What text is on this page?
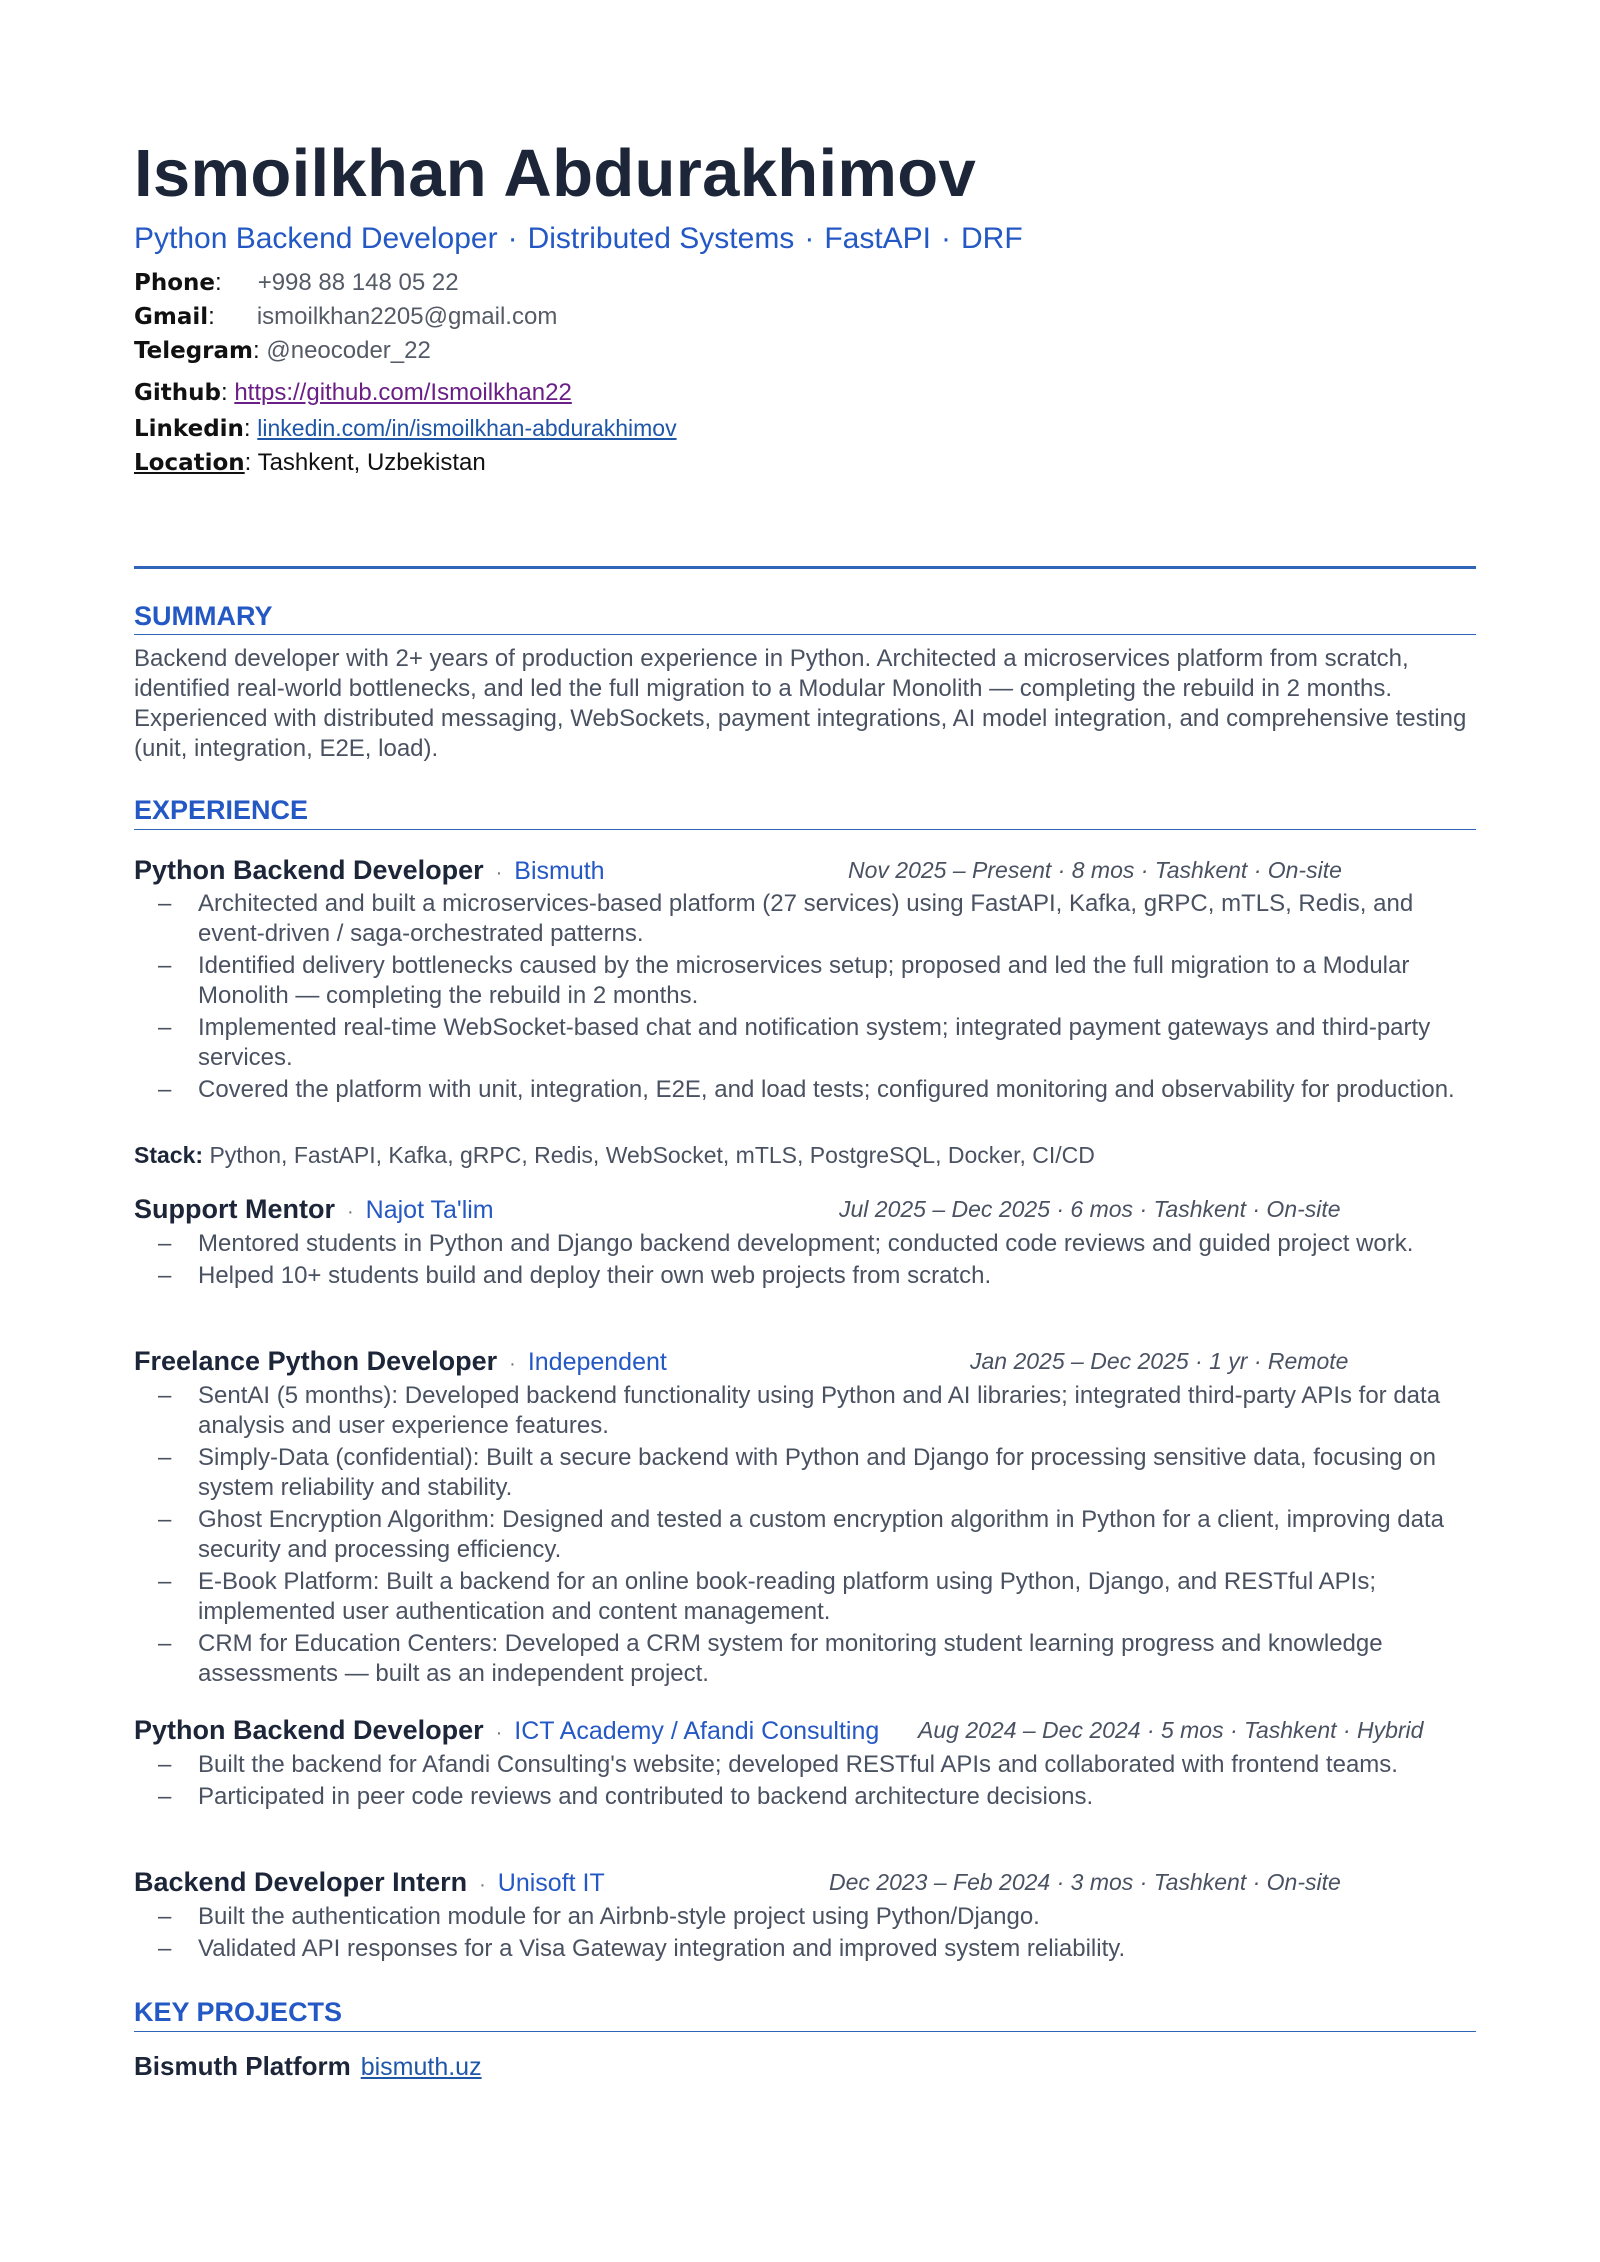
Ismoilkhan Abdurakhimov
Python Backend Developer · Distributed Systems · FastAPI · DRF
Phone: +998 88 148 05 22
Gmail: ismoilkhan2205@gmail.com
Telegram: @neocoder_22
Github: https://github.com/Ismoilkhan22
Linkedin: linkedin.com/in/ismoilkhan-abdurakhimov
Location: Tashkent, Uzbekistan
SUMMARY
Backend developer with 2+ years of production experience in Python. Architected a microservices platform from scratch, identified real-world bottlenecks, and led the full migration to a Modular Monolith — completing the rebuild in 2 months. Experienced with distributed messaging, WebSockets, payment integrations, AI model integration, and comprehensive testing (unit, integration, E2E, load).
EXPERIENCE
Python Backend Developer · Bismuth	Nov 2025 – Present · 8 mos · Tashkent · On-site
– Architected and built a microservices-based platform (27 services) using FastAPI, Kafka, gRPC, mTLS, Redis, and event-driven / saga-orchestrated patterns.
– Identified delivery bottlenecks caused by the microservices setup; proposed and led the full migration to a Modular Monolith — completing the rebuild in 2 months.
– Implemented real-time WebSocket-based chat and notification system; integrated payment gateways and third-party services.
– Covered the platform with unit, integration, E2E, and load tests; configured monitoring and observability for production.
Stack: Python, FastAPI, Kafka, gRPC, Redis, WebSocket, mTLS, PostgreSQL, Docker, CI/CD
Support Mentor · Najot Ta'lim	Jul 2025 – Dec 2025 · 6 mos · Tashkent · On-site
– Mentored students in Python and Django backend development; conducted code reviews and guided project work.
– Helped 10+ students build and deploy their own web projects from scratch.
Freelance Python Developer · Independent	Jan 2025 – Dec 2025 · 1 yr · Remote
– SentAI (5 months): Developed backend functionality using Python and AI libraries; integrated third-party APIs for data analysis and user experience features.
– Simply-Data (confidential): Built a secure backend with Python and Django for processing sensitive data, focusing on system reliability and stability.
– Ghost Encryption Algorithm: Designed and tested a custom encryption algorithm in Python for a client, improving data security and processing efficiency.
– E-Book Platform: Built a backend for an online book-reading platform using Python, Django, and RESTful APIs; implemented user authentication and content management.
– CRM for Education Centers: Developed a CRM system for monitoring student learning progress and knowledge assessments — built as an independent project.
Python Backend Developer · ICT Academy / Afandi Consulting Aug 2024 – Dec 2024 · 5 mos · Tashkent · Hybrid
– Built the backend for Afandi Consulting's website; developed RESTful APIs and collaborated with frontend teams.
– Participated in peer code reviews and contributed to backend architecture decisions.
Backend Developer Intern · Unisoft IT	Dec 2023 – Feb 2024 · 3 mos · Tashkent · On-site
– Built the authentication module for an Airbnb-style project using Python/Django.
– Validated API responses for a Visa Gateway integration and improved system reliability.
KEY PROJECTS
Bismuth Platform bismuth.uz
